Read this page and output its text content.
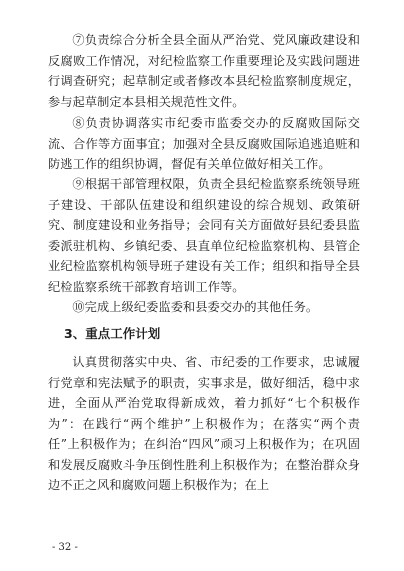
⑦负责综合分析全县全面从严治党、党风廉政建设和反腐败工作情况，对纪检监察工作重要理论及实践问题进行调查研究；起草制定或者修改本县纪检监察制度规定，参与起草制定本县相关规范性文件。

⑧负责协调落实市纪委市监委交办的反腐败国际交流、合作等方面事宜；加强对全县反腐败国际追逃追赃和防逃工作的组织协调，督促有关单位做好相关工作。

⑨根据干部管理权限，负责全县纪检监察系统领导班子建设、干部队伍建设和组织建设的综合规划、政策研究、制度建设和业务指导；会同有关方面做好县纪委县监委派驻机构、乡镇纪委、县直单位纪检监察机构、县管企业纪检监察机构领导班子建设有关工作；组织和指导全县纪检监察系统干部教育培训工作等。

⑩完成上级纪委监委和县委交办的其他任务。

3、重点工作计划

认真贯彻落实中央、省、市纪委的工作要求，忠诚履行党章和宪法赋予的职责，实事求是，做好细活，稳中求进，全面从严治党取得新成效，着力抓好“七个积极作为”：在践行“两个维护”上积极作为；在落实“两个责任”上积极作为；在纠治“四风”顽习上积极作为；在巩固和发展反腐败斗争压倒性胜利上积极作为；在整治群众身边不正之风和腐败问题上积极作为；在上

- 32 -
